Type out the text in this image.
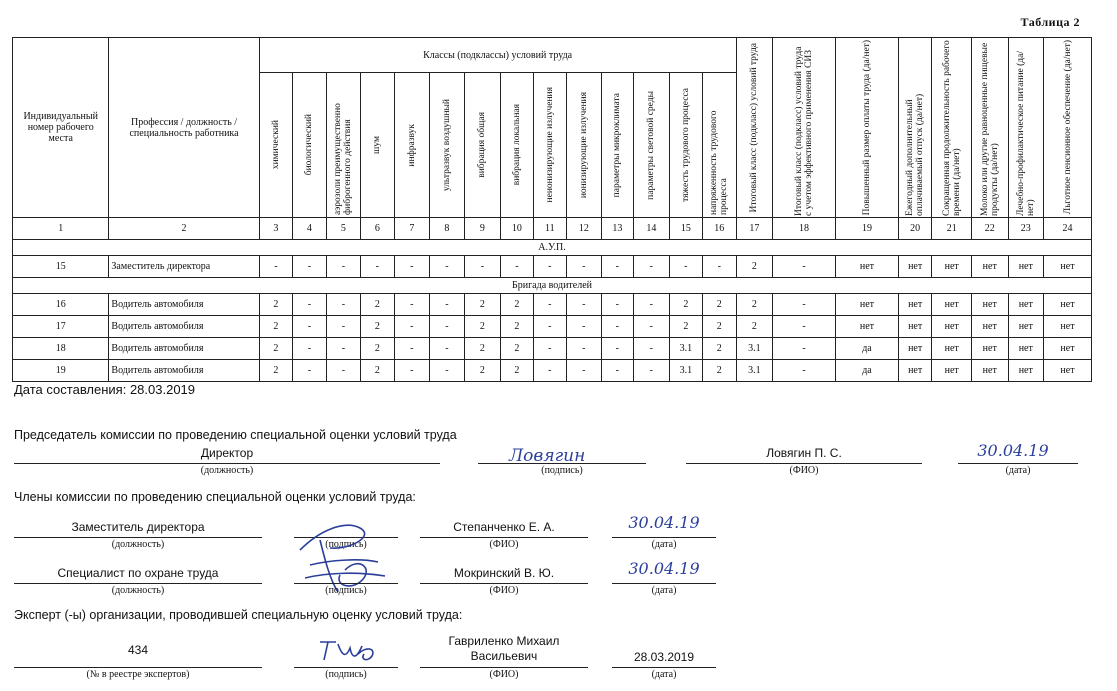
Таблица 2
Индивидуальный номер рабочего места	Профессия / должность / специальность работника	Классы (подклассы) условий труда														Итоговый класс (подкласс) условий труда	Итоговый класс (подкласс) условий труда с учетом эффективного применения СИЗ	Повышенный размер оплаты труда (да/нет)	Ежегодный дополнительный оплачиваемый отпуск (да/нет)	Сокращенная продолжительность рабочего времени (да/нет)	Молоко или другие равноценные пищевые продукты (да/нет)	Лечебно-профилактическое питание (да/нет)	Льготное пенсионное обеспечение (да/нет)

		химический	биологический	аэрозоли преимущественно фиброгенного действия	шум	инфразвук	ультразвук воздушный	вибрация общая	вибрация локальная	неионизирующие излучения	ионизирующие излучения	параметры микроклимата	параметры световой среды	тяжесть трудового процесса	напряженность трудового процесса								

1	2	3	4	5	6	7	8	9	10	11	12	13	14	15	16	17	18	19	20	21	22	23	24
А.У.П.																							
15	Заместитель директора	-	-	-	-	-	-	-	-	-	-	-	-	-	-	2	-	нет	нет	нет	нет	нет	нет
Бригада водителей																							
16	Водитель автомобиля	2	-	-	2	-	-	2	2	-	-	-	-	2	2	2	-	нет	нет	нет	нет	нет	нет
17	Водитель автомобиля	2	-	-	2	-	-	2	2	-	-	-	-	2	2	2	-	нет	нет	нет	нет	нет	нет
18	Водитель автомобиля	2	-	-	2	-	-	2	2	-	-	-	-	3.1	2	3.1	-	да	нет	нет	нет	нет	нет
19	Водитель автомобиля	2	-	-	2	-	-	2	2	-	-	-	-	3.1	2	3.1	-	да	нет	нет	нет	нет	нет
Дата составления: 28.03.2019
Председатель комиссии по проведению специальной оценки условий труда
Директор
(должность)
Ловягин
(подпись)
Ловягин П. С.
(ФИО)
30.04.19
(дата)
Члены комиссии по проведению специальной оценки условий труда:
Заместитель директора
(должность)	(подпись)
Степанченко Е. А.
(ФИО)
30.04.19
(дата)
Специалист по охране труда
(должность)	(подпись)
Мокринский В. Ю.
(ФИО)
30.04.19
(дата)
Эксперт (-ы) организации, проводившей специальную оценку условий труда:
434
(№ в реестре экспертов)	(подпись)
Гавриленко Михаил
Васильевич
(ФИО)
28.03.2019
(дата)
